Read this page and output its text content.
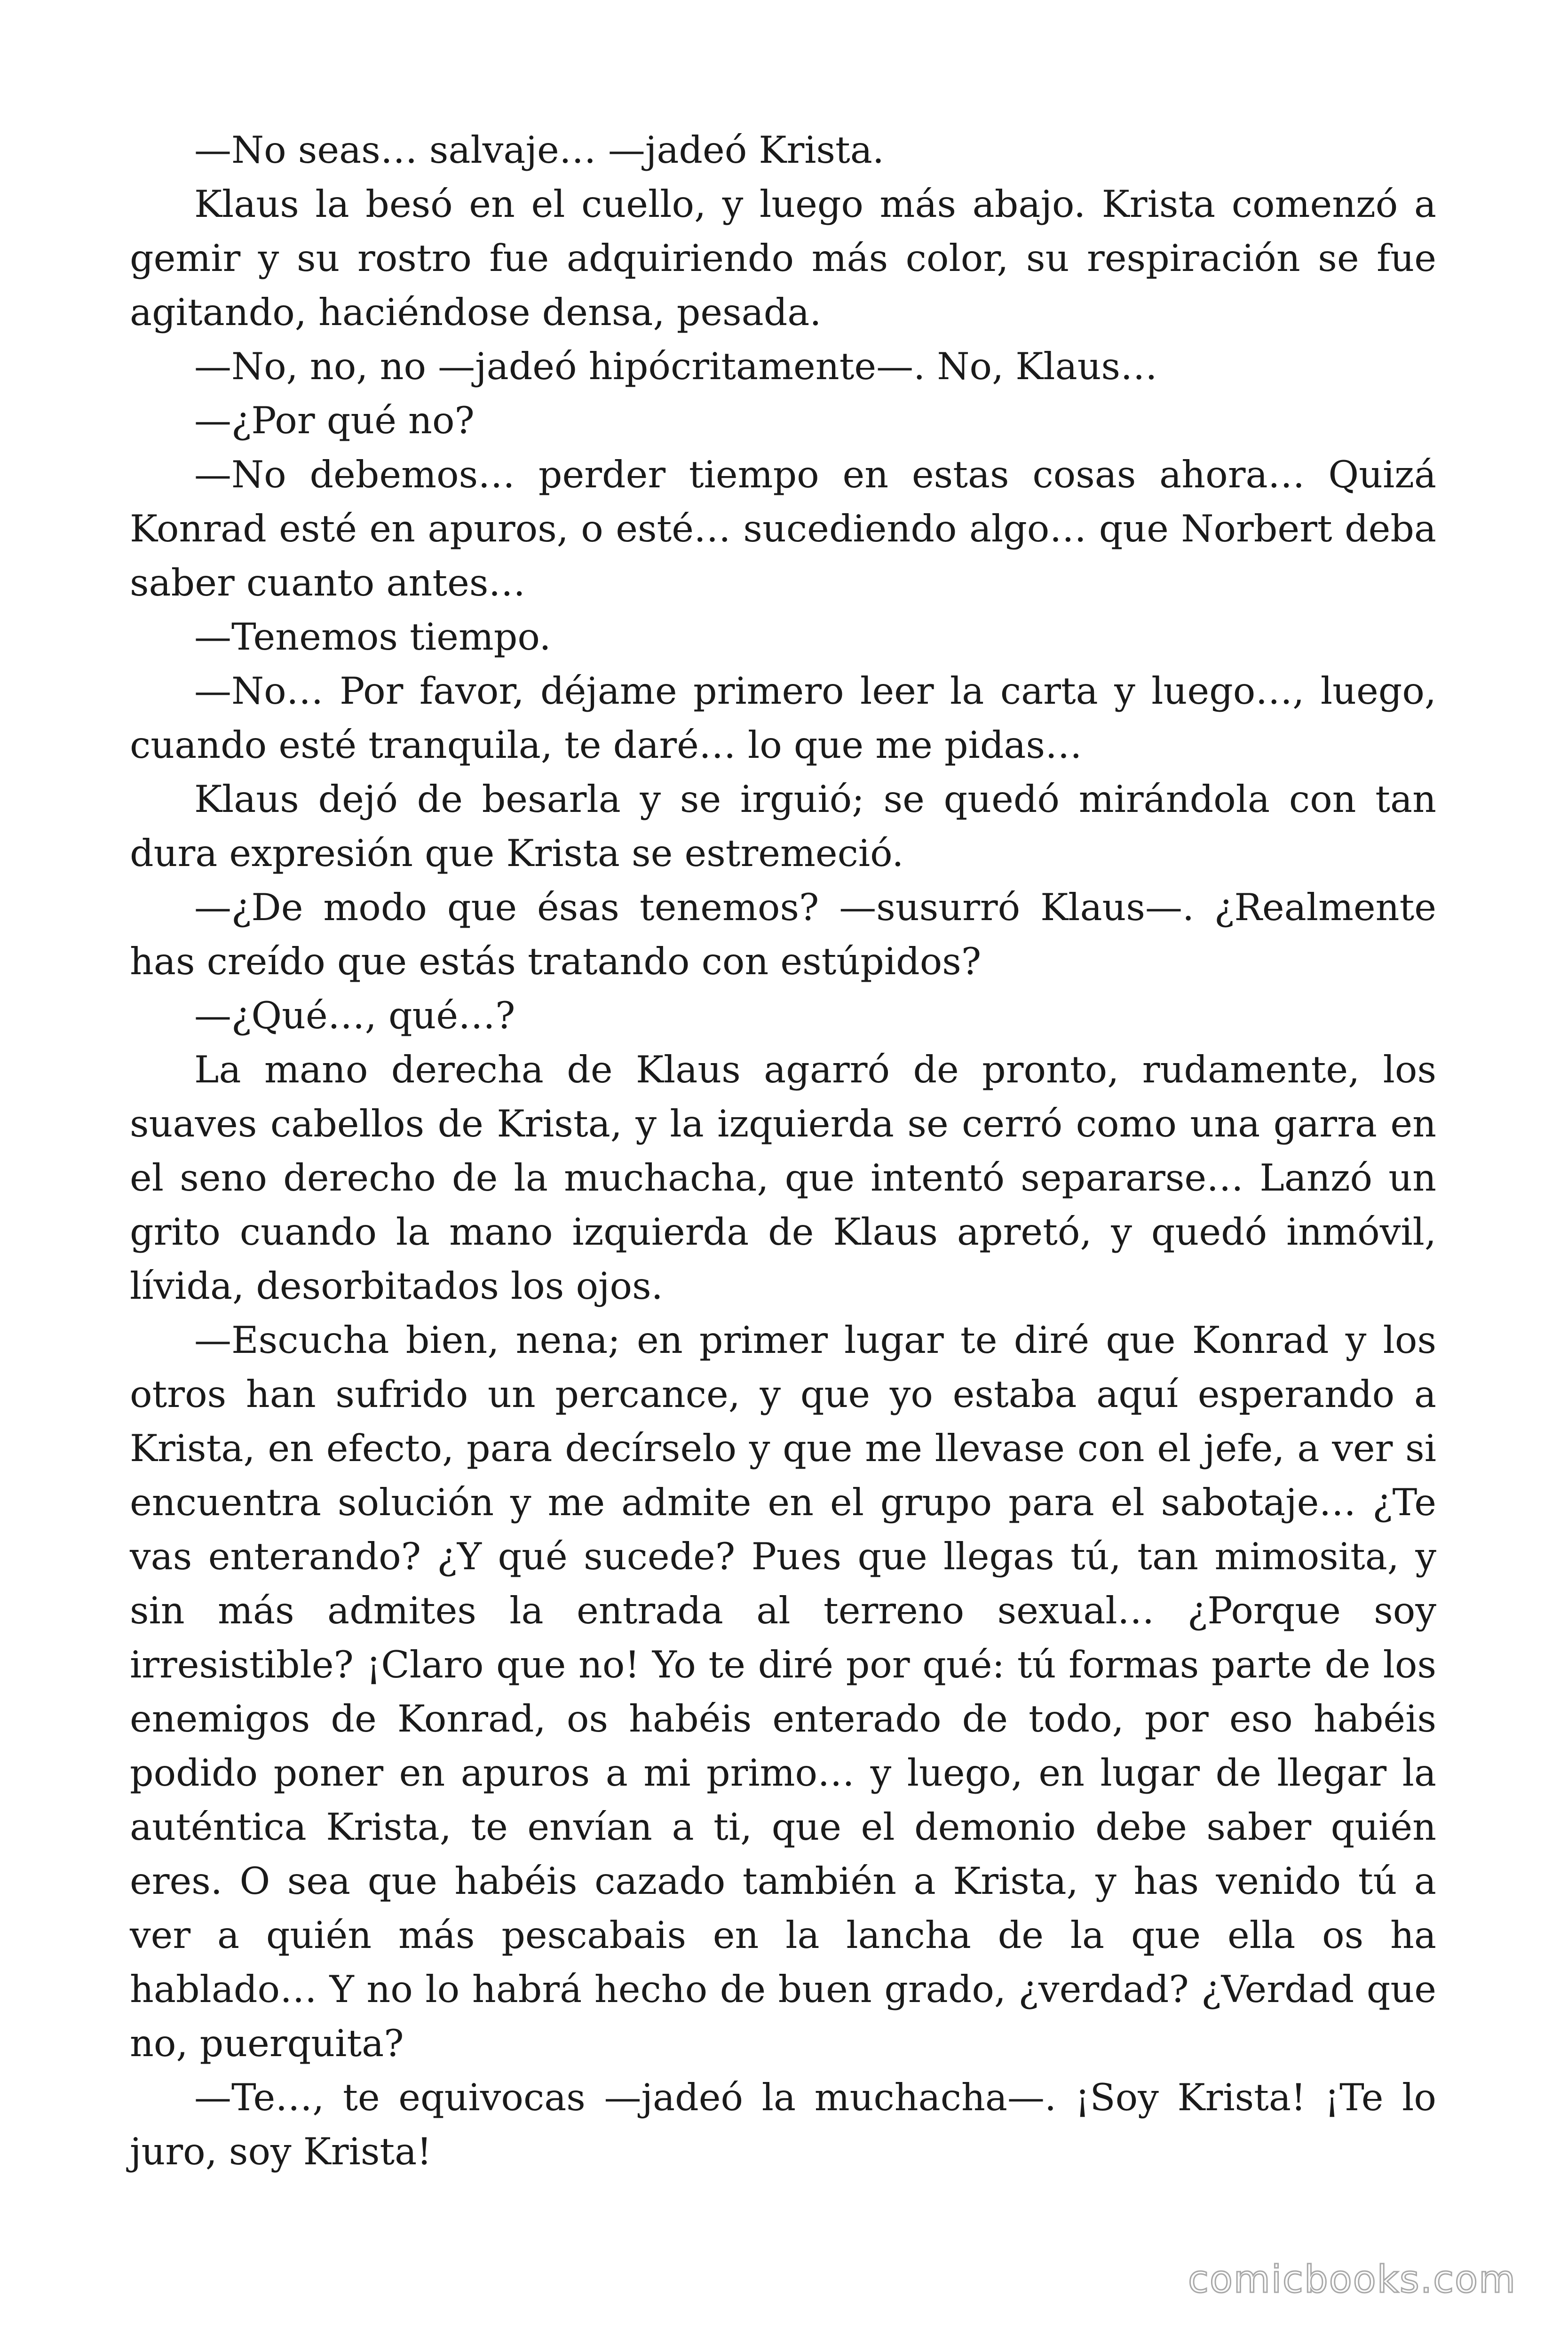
—No seas… salvaje… —jadeó Krista.

Klaus la besó en el cuello, y luego más abajo. Krista comenzó a gemir y su rostro fue adquiriendo más color, su respiración se fue agitando, haciéndose densa, pesada.

—No, no, no —jadeó hipócritamente—. No, Klaus…

—¿Por qué no?

—No debemos… perder tiempo en estas cosas ahora… Quizá Konrad esté en apuros, o esté… sucediendo algo… que Norbert deba saber cuanto antes…

—Tenemos tiempo.

—No… Por favor, déjame primero leer la carta y luego…, luego, cuando esté tranquila, te daré… lo que me pidas…

Klaus dejó de besarla y se irguió; se quedó mirándola con tan dura expresión que Krista se estremeció.

—¿De modo que ésas tenemos? —susurró Klaus—. ¿Realmente has creído que estás tratando con estúpidos?

—¿Qué…, qué…?

La mano derecha de Klaus agarró de pronto, rudamente, los suaves cabellos de Krista, y la izquierda se cerró como una garra en el seno derecho de la muchacha, que intentó separarse… Lanzó un grito cuando la mano izquierda de Klaus apretó, y quedó inmóvil, lívida, desorbitados los ojos.

—Escucha bien, nena; en primer lugar te diré que Konrad y los otros han sufrido un percance, y que yo estaba aquí esperando a Krista, en efecto, para decírselo y que me llevase con el jefe, a ver si encuentra solución y me admite en el grupo para el sabotaje… ¿Te vas enterando? ¿Y qué sucede? Pues que llegas tú, tan mimosita, y sin más admites la entrada al terreno sexual… ¿Porque soy irresistible? ¡Claro que no! Yo te diré por qué: tú formas parte de los enemigos de Konrad, os habéis enterado de todo, por eso habéis podido poner en apuros a mi primo… y luego, en lugar de llegar la auténtica Krista, te envían a ti, que el demonio debe saber quién eres. O sea que habéis cazado también a Krista, y has venido tú a ver a quién más pescabais en la lancha de la que ella os ha hablado… Y no lo habrá hecho de buen grado, ¿verdad? ¿Verdad que no, puerquita?

—Te…, te equivocas —jadeó la muchacha—. ¡Soy Krista! ¡Te lo juro, soy Krista!

comicbooks.com
